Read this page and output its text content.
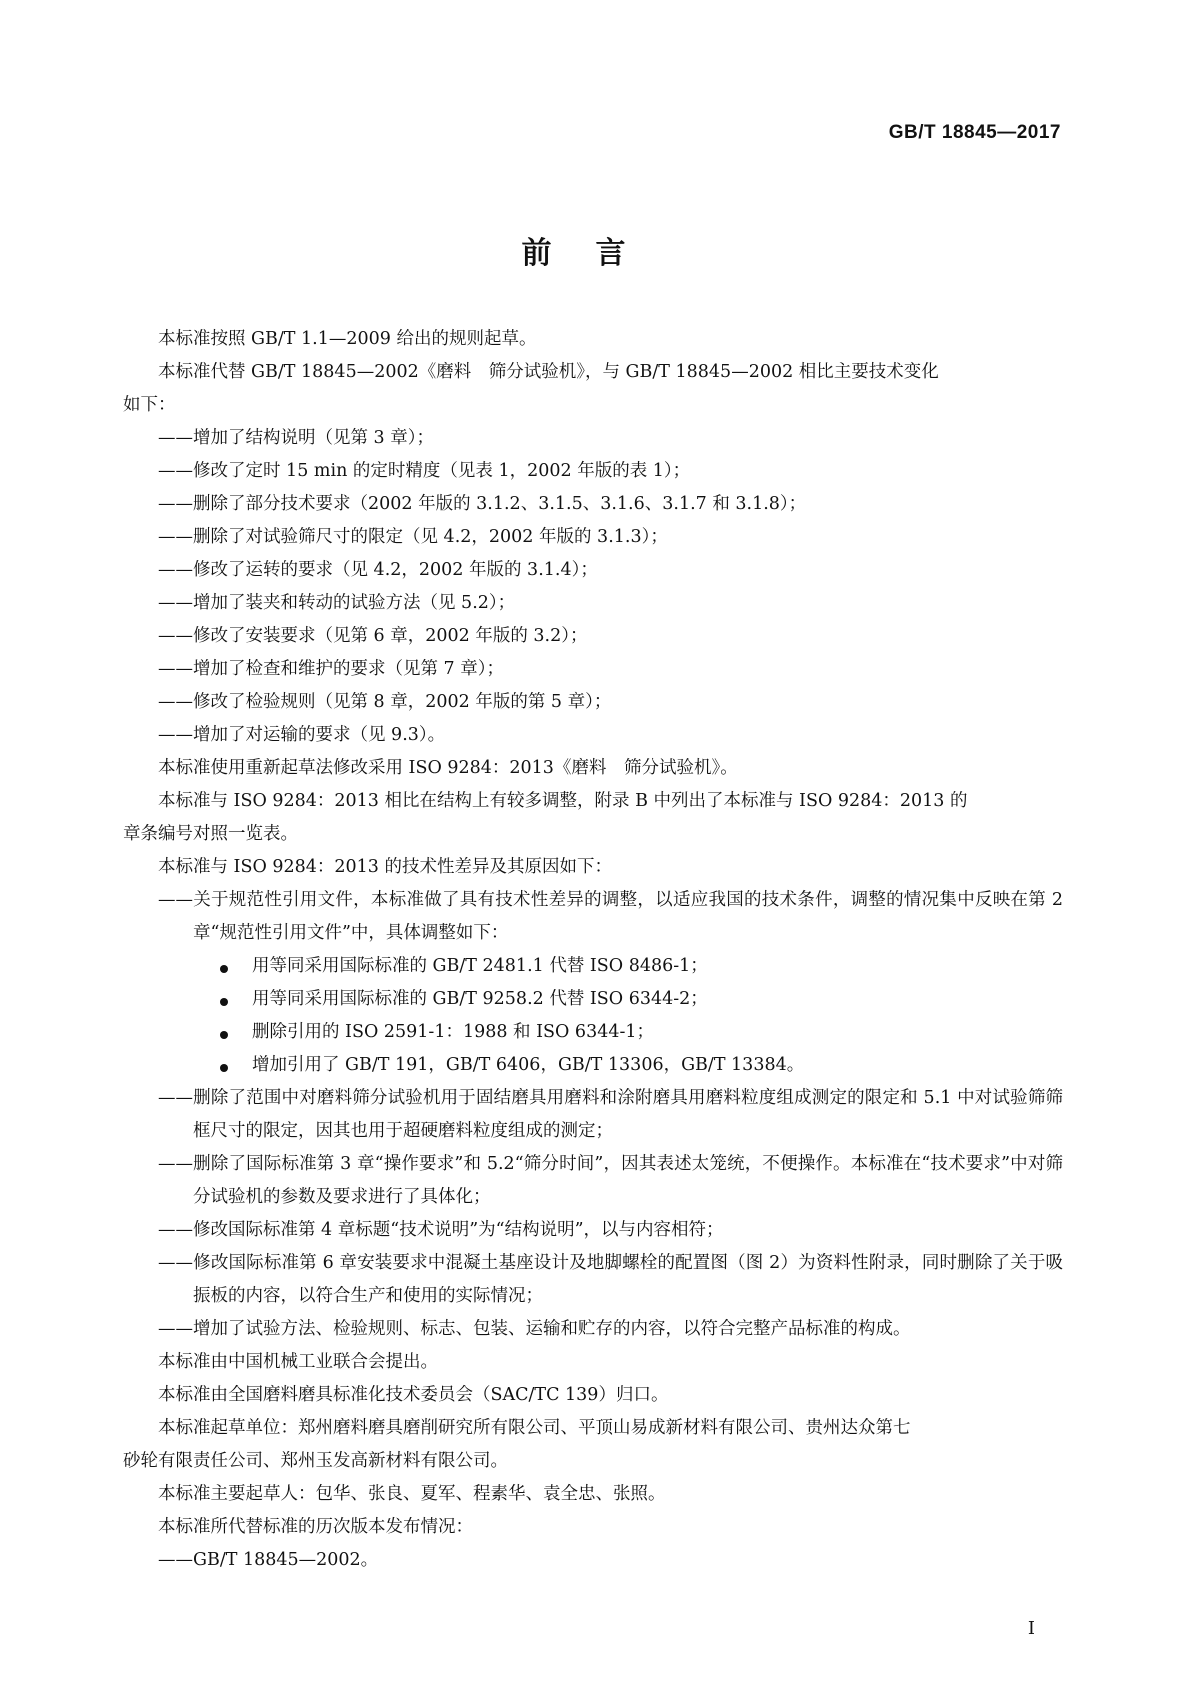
GB/T 18845—2017
前言

本标准按照 GB/T 1.1—2009 给出的规则起草。

本标准代替 GB/T 18845—2002《磨料　筛分试验机》，与 GB/T 18845—2002 相比主要技术变化

如下：

——增加了结构说明（见第 3 章）；

——修改了定时 15 min 的定时精度（见表 1，2002 年版的表 1）；

——删除了部分技术要求（2002 年版的 3.1.2、3.1.5、3.1.6、3.1.7 和 3.1.8）；

——删除了对试验筛尺寸的限定（见 4.2，2002 年版的 3.1.3）；

——修改了运转的要求（见 4.2，2002 年版的 3.1.4）；

——增加了装夹和转动的试验方法（见 5.2）；

——修改了安装要求（见第 6 章，2002 年版的 3.2）；

——增加了检查和维护的要求（见第 7 章）；

——修改了检验规则（见第 8 章，2002 年版的第 5 章）；

——增加了对运输的要求（见 9.3）。

本标准使用重新起草法修改采用 ISO 9284：2013《磨料　筛分试验机》。

本标准与 ISO 9284：2013 相比在结构上有较多调整，附录 B 中列出了本标准与 ISO 9284：2013 的

章条编号对照一览表。

本标准与 ISO 9284：2013 的技术性差异及其原因如下：

——关于规范性引用文件，本标准做了具有技术性差异的调整，以适应我国的技术条件，调整的情况集中反映在第 2 章“规范性引用文件”中，具体调整如下：

用等同采用国际标准的 GB/T 2481.1 代替 ISO 8486-1；

用等同采用国际标准的 GB/T 9258.2 代替 ISO 6344-2；

删除引用的 ISO 2591-1：1988 和 ISO 6344-1；

增加引用了 GB/T 191，GB/T 6406，GB/T 13306，GB/T 13384。

——删除了范围中对磨料筛分试验机用于固结磨具用磨料和涂附磨具用磨料粒度组成测定的限定和 5.1 中对试验筛筛框尺寸的限定，因其也用于超硬磨料粒度组成的测定；

——删除了国际标准第 3 章“操作要求”和 5.2“筛分时间”，因其表述太笼统，不便操作。本标准在“技术要求”中对筛分试验机的参数及要求进行了具体化；

——修改国际标准第 4 章标题“技术说明”为“结构说明”，以与内容相符；

——修改国际标准第 6 章安装要求中混凝土基座设计及地脚螺栓的配置图（图 2）为资料性附录，同时删除了关于吸振板的内容，以符合生产和使用的实际情况；

——增加了试验方法、检验规则、标志、包装、运输和贮存的内容，以符合完整产品标准的构成。

本标准由中国机械工业联合会提出。

本标准由全国磨料磨具标准化技术委员会（SAC/TC 139）归口。

本标准起草单位：郑州磨料磨具磨削研究所有限公司、平顶山易成新材料有限公司、贵州达众第七

砂轮有限责任公司、郑州玉发高新材料有限公司。

本标准主要起草人：包华、张良、夏军、程素华、袁全忠、张照。

本标准所代替标准的历次版本发布情况：

——GB/T 18845—2002。

I
